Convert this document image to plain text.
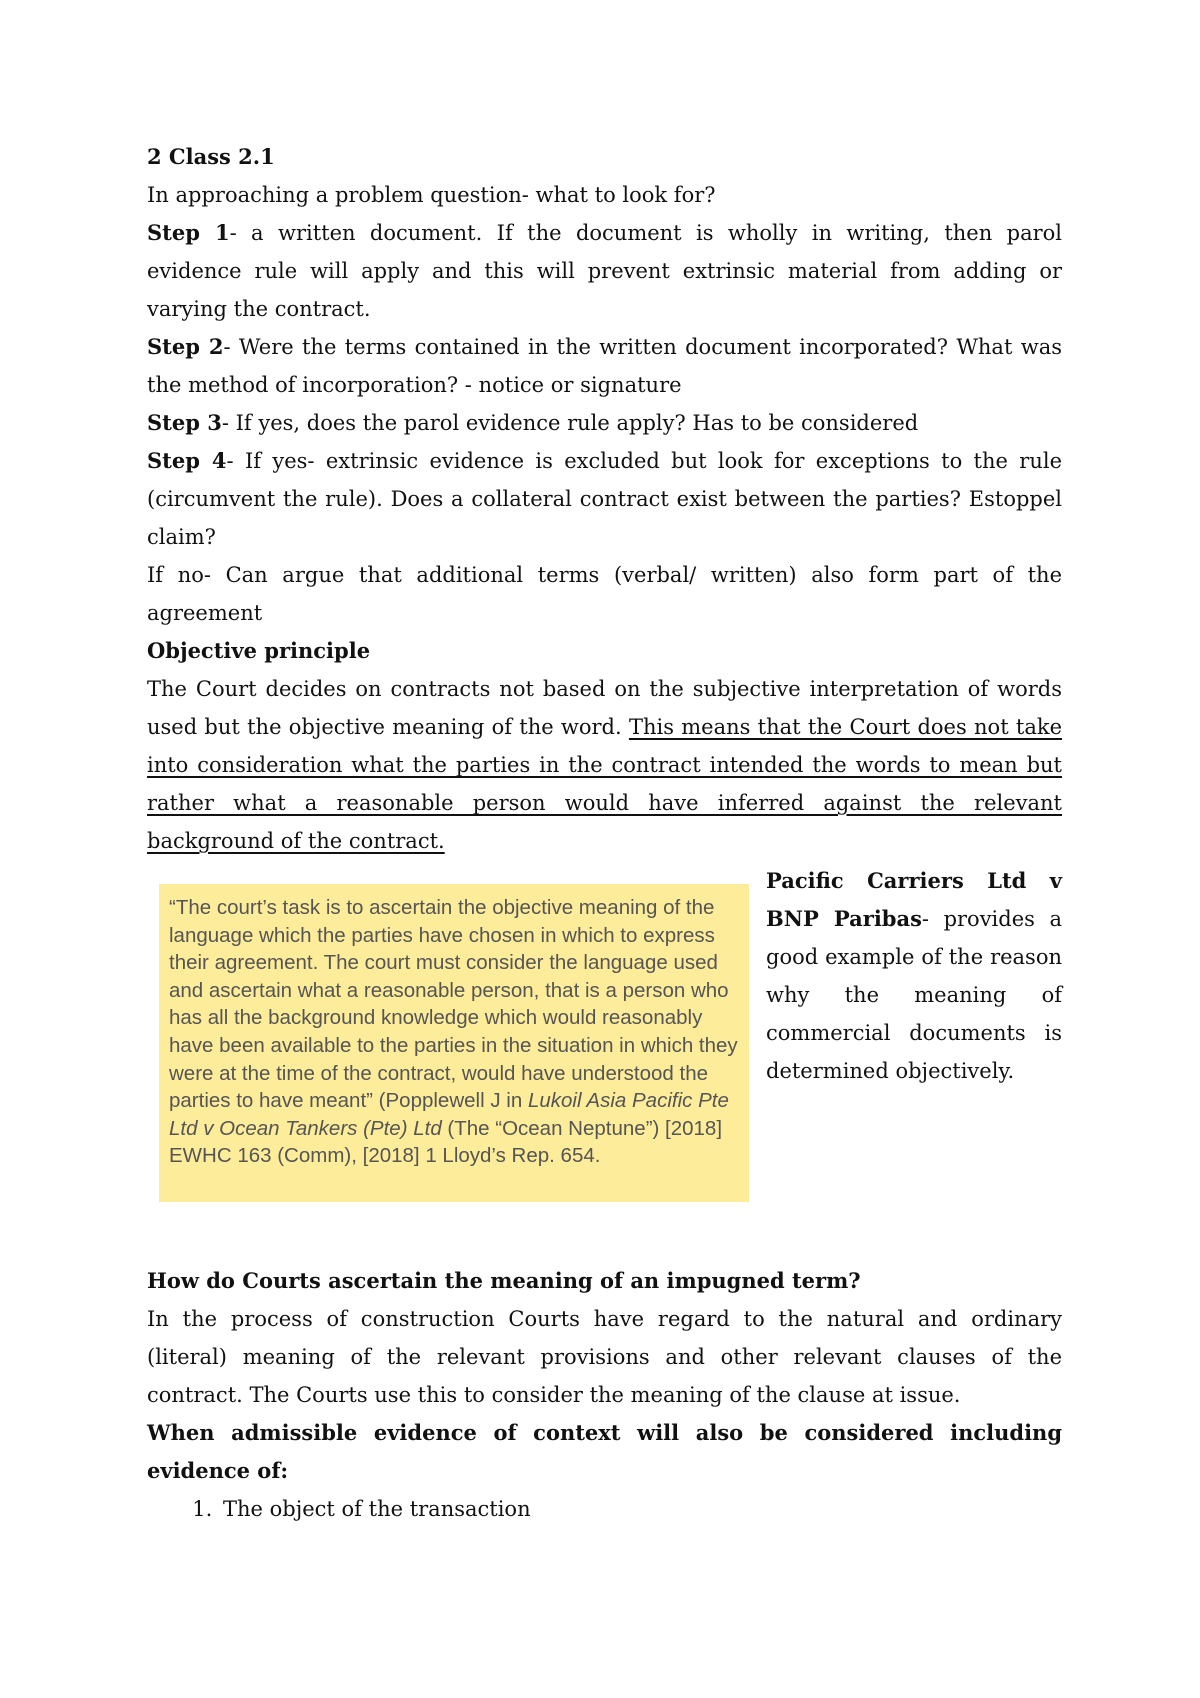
2 Class 2.1

In approaching a problem question- what to look for?

Step 1- a written document. If the document is wholly in writing, then parol evidence rule will apply and this will prevent extrinsic material from adding or varying the contract.

Step 2- Were the terms contained in the written document incorporated? What was the method of incorporation? - notice or signature

Step 3- If yes, does the parol evidence rule apply? Has to be considered

Step 4- If yes- extrinsic evidence is excluded but look for exceptions to the rule (circumvent the rule). Does a collateral contract exist between the parties? Estoppel claim?

If no- Can argue that additional terms (verbal/ written) also form part of the agreement

Objective principle

The Court decides on contracts not based on the subjective interpretation of words used but the objective meaning of the word. This means that the Court does not take into consideration what the parties in the contract intended the words to mean but rather what a reasonable person would have inferred against the relevant background of the contract.

“The court’s task is to ascertain the objective meaning of the language which the parties have chosen in which to express their agreement. The court must consider the language used and ascertain what a reasonable person, that is a person who has all the background knowledge which would reasonably have been available to the parties in the situation in which they were at the time of the contract, would have understood the parties to have meant” (Popplewell J in Lukoil Asia Pacific Pte Ltd v Ocean Tankers (Pte) Ltd (The “Ocean Neptune”) [2018] EWHC 163 (Comm), [2018] 1 Lloyd’s Rep. 654.
Pacific Carriers Ltd v BNP Paribas- provides a good example of the reason why the meaning of commercial documents is determined objectively.

How do Courts ascertain the meaning of an impugned term?

In the process of construction Courts have regard to the natural and ordinary (literal) meaning of the relevant provisions and other relevant clauses of the contract. The Courts use this to consider the meaning of the clause at issue.

When admissible evidence of context will also be considered including evidence of:

1. The object of the transaction
